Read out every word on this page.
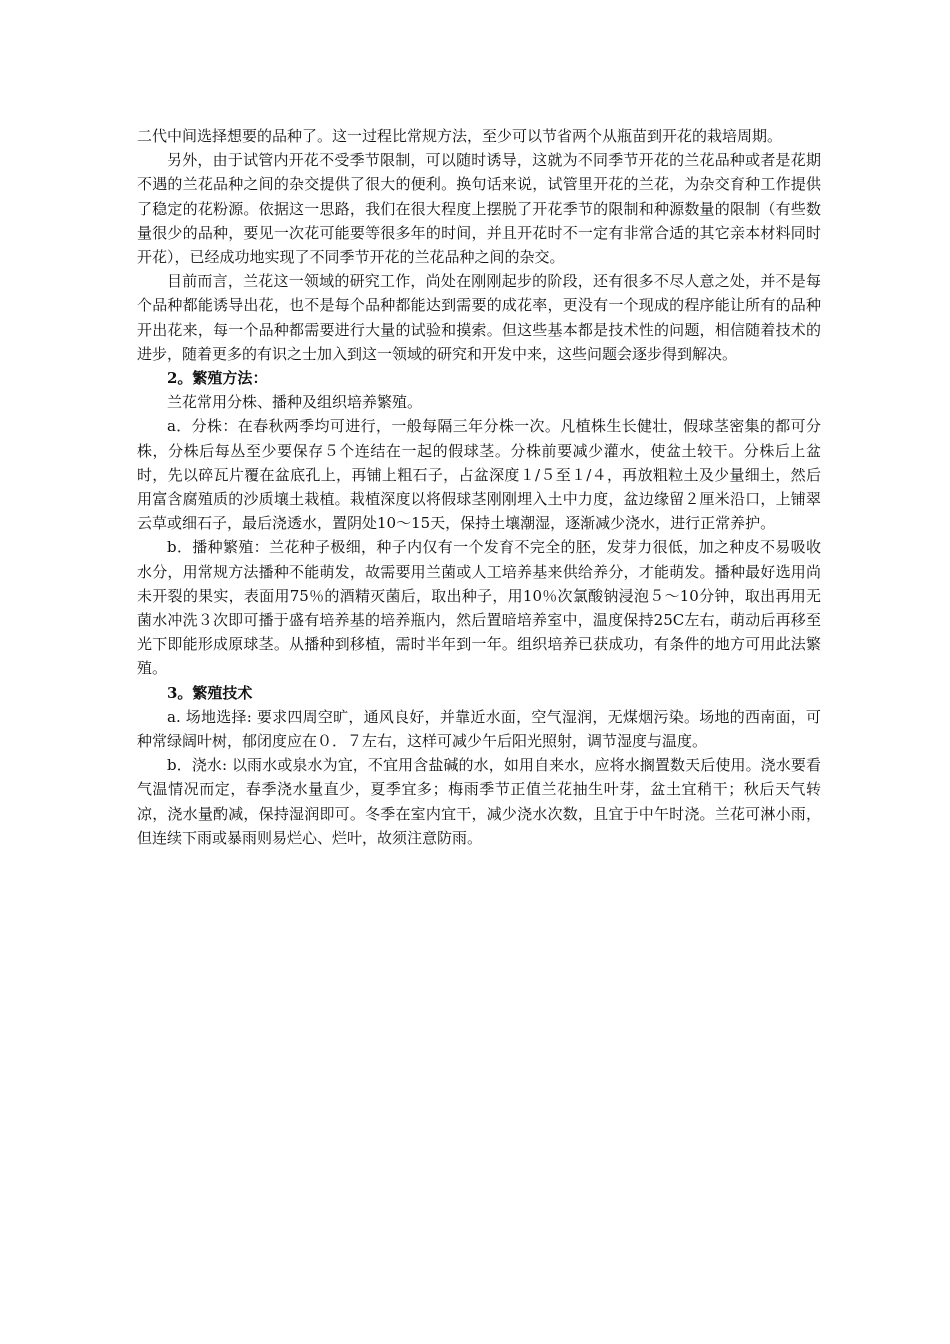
二代中间选择想要的品种了。这一过程比常规方法，至少可以节省两个从瓶苗到开花的栽培周期。

另外，由于试管内开花不受季节限制，可以随时诱导，这就为不同季节开花的兰花品种或者是花期不遇的兰花品种之间的杂交提供了很大的便利。换句话来说，试管里开花的兰花，为杂交育种工作提供了稳定的花粉源。依据这一思路，我们在很大程度上摆脱了开花季节的限制和种源数量的限制（有些数量很少的品种，要见一次花可能要等很多年的时间，并且开花时不一定有非常合适的其它亲本材料同时开花），已经成功地实现了不同季节开花的兰花品种之间的杂交。

目前而言，兰花这一领域的研究工作，尚处在刚刚起步的阶段，还有很多不尽人意之处，并不是每个品种都能诱导出花，也不是每个品种都能达到需要的成花率，更没有一个现成的程序能让所有的品种开出花来，每一个品种都需要进行大量的试验和摸索。但这些基本都是技术性的问题，相信随着技术的进步，随着更多的有识之士加入到这一领域的研究和开发中来，这些问题会逐步得到解决。

2。繁殖方法：

兰花常用分株、播种及组织培养繁殖。

a．分株：在春秋两季均可进行，一般每隔三年分株一次。凡植株生长健壮，假球茎密集的都可分株，分株后每丛至少要保存５个连结在一起的假球茎。分株前要减少灌水，使盆土较干。分株后上盆时，先以碎瓦片覆在盆底孔上，再铺上粗石子，占盆深度１/５至１/４，再放粗粒土及少量细土，然后用富含腐殖质的沙质壤土栽植。栽植深度以将假球茎刚刚埋入土中力度，盆边缘留２厘米沿口，上铺翠云草或细石子，最后浇透水，置阴处10～15天，保持土壤潮湿，逐渐减少浇水，进行正常养护。

b．播种繁殖：兰花种子极细，种子内仅有一个发育不完全的胚，发芽力很低，加之种皮不易吸收水分，用常规方法播种不能萌发，故需要用兰菌或人工培养基来供给养分，才能萌发。播种最好选用尚未开裂的果实，表面用75％的酒精灭菌后，取出种子，用10％次氯酸钠浸泡５～10分钟，取出再用无菌水冲洗３次即可播于盛有培养基的培养瓶内，然后置暗培养室中，温度保持25C左右，萌动后再移至光下即能形成原球茎。从播种到移植，需时半年到一年。组织培养已获成功，有条件的地方可用此法繁殖。

3。繁殖技术

a. 场地选择: 要求四周空旷，通风良好，并靠近水面，空气湿润，无煤烟污染。场地的西南面，可种常绿阔叶树，郁闭度应在０．７左右，这样可减少午后阳光照射，调节湿度与温度。

b．浇水: 以雨水或泉水为宜，不宜用含盐碱的水，如用自来水，应将水搁置数天后使用。浇水要看气温情况而定，春季浇水量直少，夏季宜多；梅雨季节正值兰花抽生叶芽，盆土宜稍干；秋后天气转凉，浇水量酌减，保持湿润即可。冬季在室内宜干，减少浇水次数，且宜于中午时浇。兰花可淋小雨，但连续下雨或暴雨则易烂心、烂叶，故须注意防雨。
